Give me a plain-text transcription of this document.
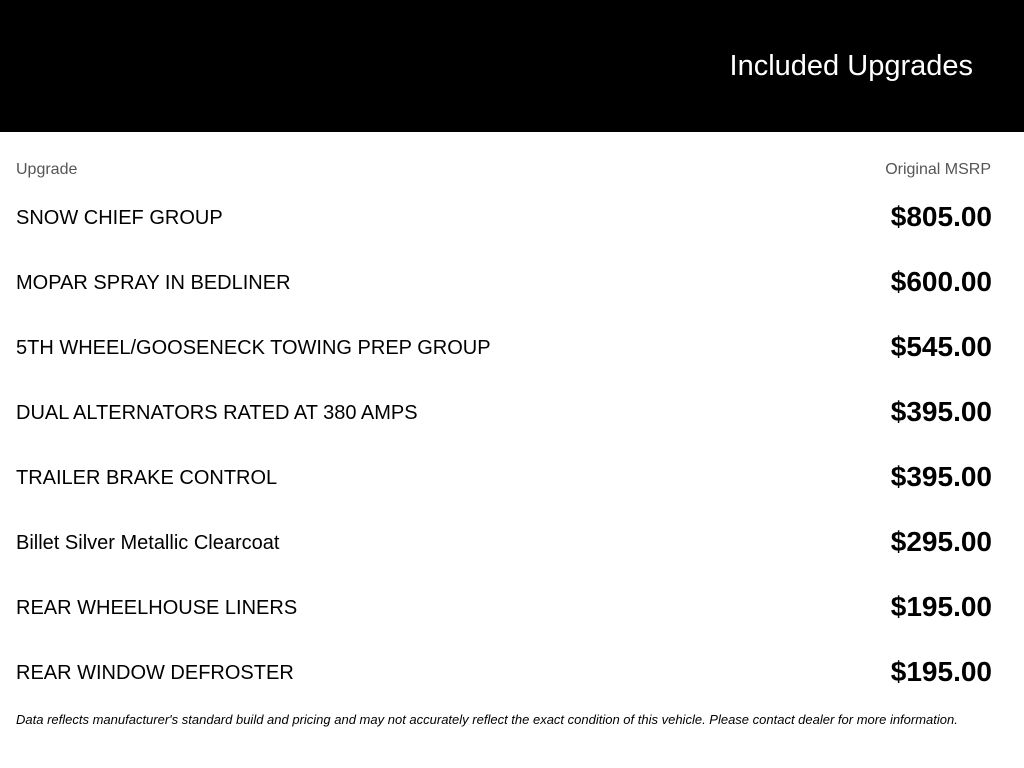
Included Upgrades
Upgrade	Original MSRP
SNOW CHIEF GROUP	$805.00
MOPAR SPRAY IN BEDLINER	$600.00
5TH WHEEL/GOOSENECK TOWING PREP GROUP	$545.00
DUAL ALTERNATORS RATED AT 380 AMPS	$395.00
TRAILER BRAKE CONTROL	$395.00
Billet Silver Metallic Clearcoat	$295.00
REAR WHEELHOUSE LINERS	$195.00
REAR WINDOW DEFROSTER	$195.00
Data reflects manufacturer's standard build and pricing and may not accurately reflect the exact condition of this vehicle. Please contact dealer for more information.
